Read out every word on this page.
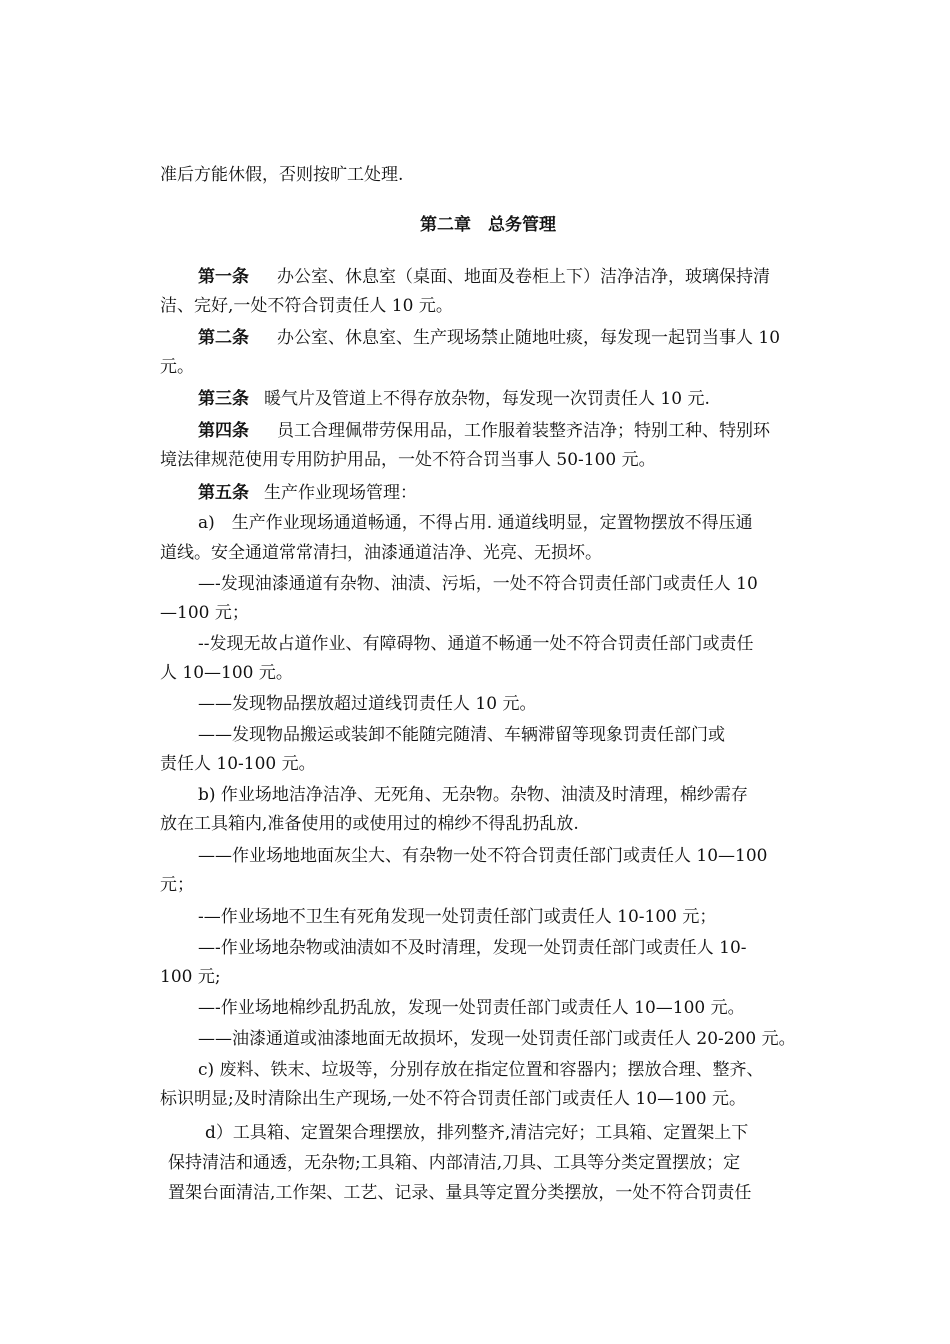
准后方能休假，否则按旷工处理.
第二章　总务管理
第一条 办公室、休息室（桌面、地面及卷柜上下）洁净洁净，玻璃保持清
洁、完好,一处不符合罚责任人 10 元。
第二条 办公室、休息室、生产现场禁止随地吐痰，每发现一起罚当事人 10
元。
第三条 暖气片及管道上不得存放杂物，每发现一次罚责任人 10 元.
第四条 员工合理佩带劳保用品，工作服着装整齐洁净；特别工种、特别环
境法律规范使用专用防护用品，一处不符合罚当事人 50-100 元。
第五条 生产作业现场管理：
a)　生产作业现场通道畅通，不得占用. 通道线明显，定置物摆放不得压通
道线。安全通道常常清扫，油漆通道洁净、光亮、无损坏。
—-发现油漆通道有杂物、油渍、污垢，一处不符合罚责任部门或责任人 10
—100 元；
--发现无故占道作业、有障碍物、通道不畅通一处不符合罚责任部门或责任
人 10—100 元。
——发现物品摆放超过道线罚责任人 10 元。
——发现物品搬运或装卸不能随完随清、车辆滞留等现象罚责任部门或
责任人 10-100 元。
b) 作业场地洁净洁净、无死角、无杂物。杂物、油渍及时清理，棉纱需存
放在工具箱内,准备使用的或使用过的棉纱不得乱扔乱放.
——作业场地地面灰尘大、有杂物一处不符合罚责任部门或责任人 10—100
元；
-—作业场地不卫生有死角发现一处罚责任部门或责任人 10-100 元；
—-作业场地杂物或油渍如不及时清理，发现一处罚责任部门或责任人 10-
100 元;
—-作业场地棉纱乱扔乱放，发现一处罚责任部门或责任人 10—100 元。
——油漆通道或油漆地面无故损坏，发现一处罚责任部门或责任人 20-200 元。
c) 废料、铁末、垃圾等，分别存放在指定位置和容器内；摆放合理、整齐、
标识明显;及时清除出生产现场,一处不符合罚责任部门或责任人 10—100 元。
d）工具箱、定置架合理摆放，排列整齐,清洁完好；工具箱、定置架上下
保持清洁和通透，无杂物;工具箱、内部清洁,刀具、工具等分类定置摆放；定
置架台面清洁,工作架、工艺、记录、量具等定置分类摆放，一处不符合罚责任
